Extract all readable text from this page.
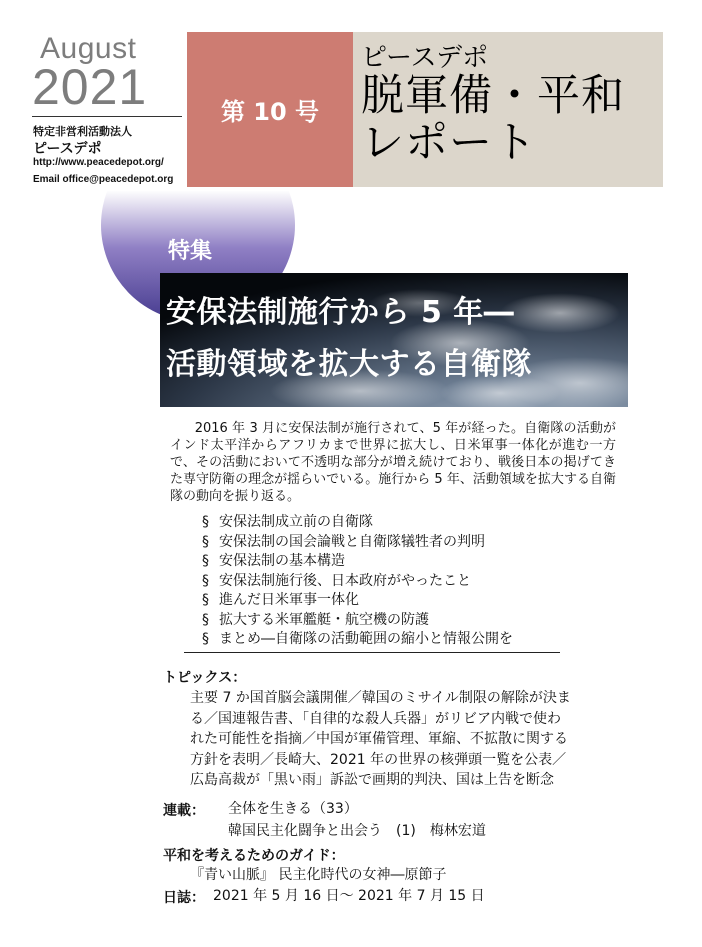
August
2021
特定非営利活動法人
ピースデポ
http://www.peacedepot.org/
Email office@peacedepot.org
第 10 号
ピースデポ
脱軍備・平和
レポート
特集
安保法制施行から 5 年―
活動領域を拡大する自衛隊

2016 年 3 月に安保法制が施行されて、5 年が経った。自衛隊の活動がインド太平洋からアフリカまで世界に拡大し、日米軍事一体化が進む一方で、その活動において不透明な部分が増え続けており、戦後日本の掲げてきた専守防衛の理念が揺らいでいる。施行から 5 年、活動領域を拡大する自衛隊の動向を振り返る。

§ 安保法制成立前の自衛隊
§ 安保法制の国会論戦と自衛隊犠牲者の判明
§ 安保法制の基本構造
§ 安保法制施行後、日本政府がやったこと
§ 進んだ日米軍事一体化
§ 拡大する米軍艦艇・航空機の防護
§ まとめ―自衛隊の活動範囲の縮小と情報公開を
トピックス：
主要 7 か国首脳会議開催／韓国のミサイル制限の解除が決ま
る／国連報告書、「自律的な殺人兵器」がリビア内戦で使わ
れた可能性を指摘／中国が軍備管理、軍縮、不拡散に関する
方針を表明／長崎大、2021 年の世界の核弾頭一覧を公表／
広島高裁が「黒い雨」訴訟で画期的判決、国は上告を断念
連載： 全体を生きる（33）
韓国民主化闘争と出会う　(1)　梅林宏道
平和を考えるためのガイド：
『青い山脈』 民主化時代の女神―原節子
日誌： 2021 年 5 月 16 日～ 2021 年 7 月 15 日
